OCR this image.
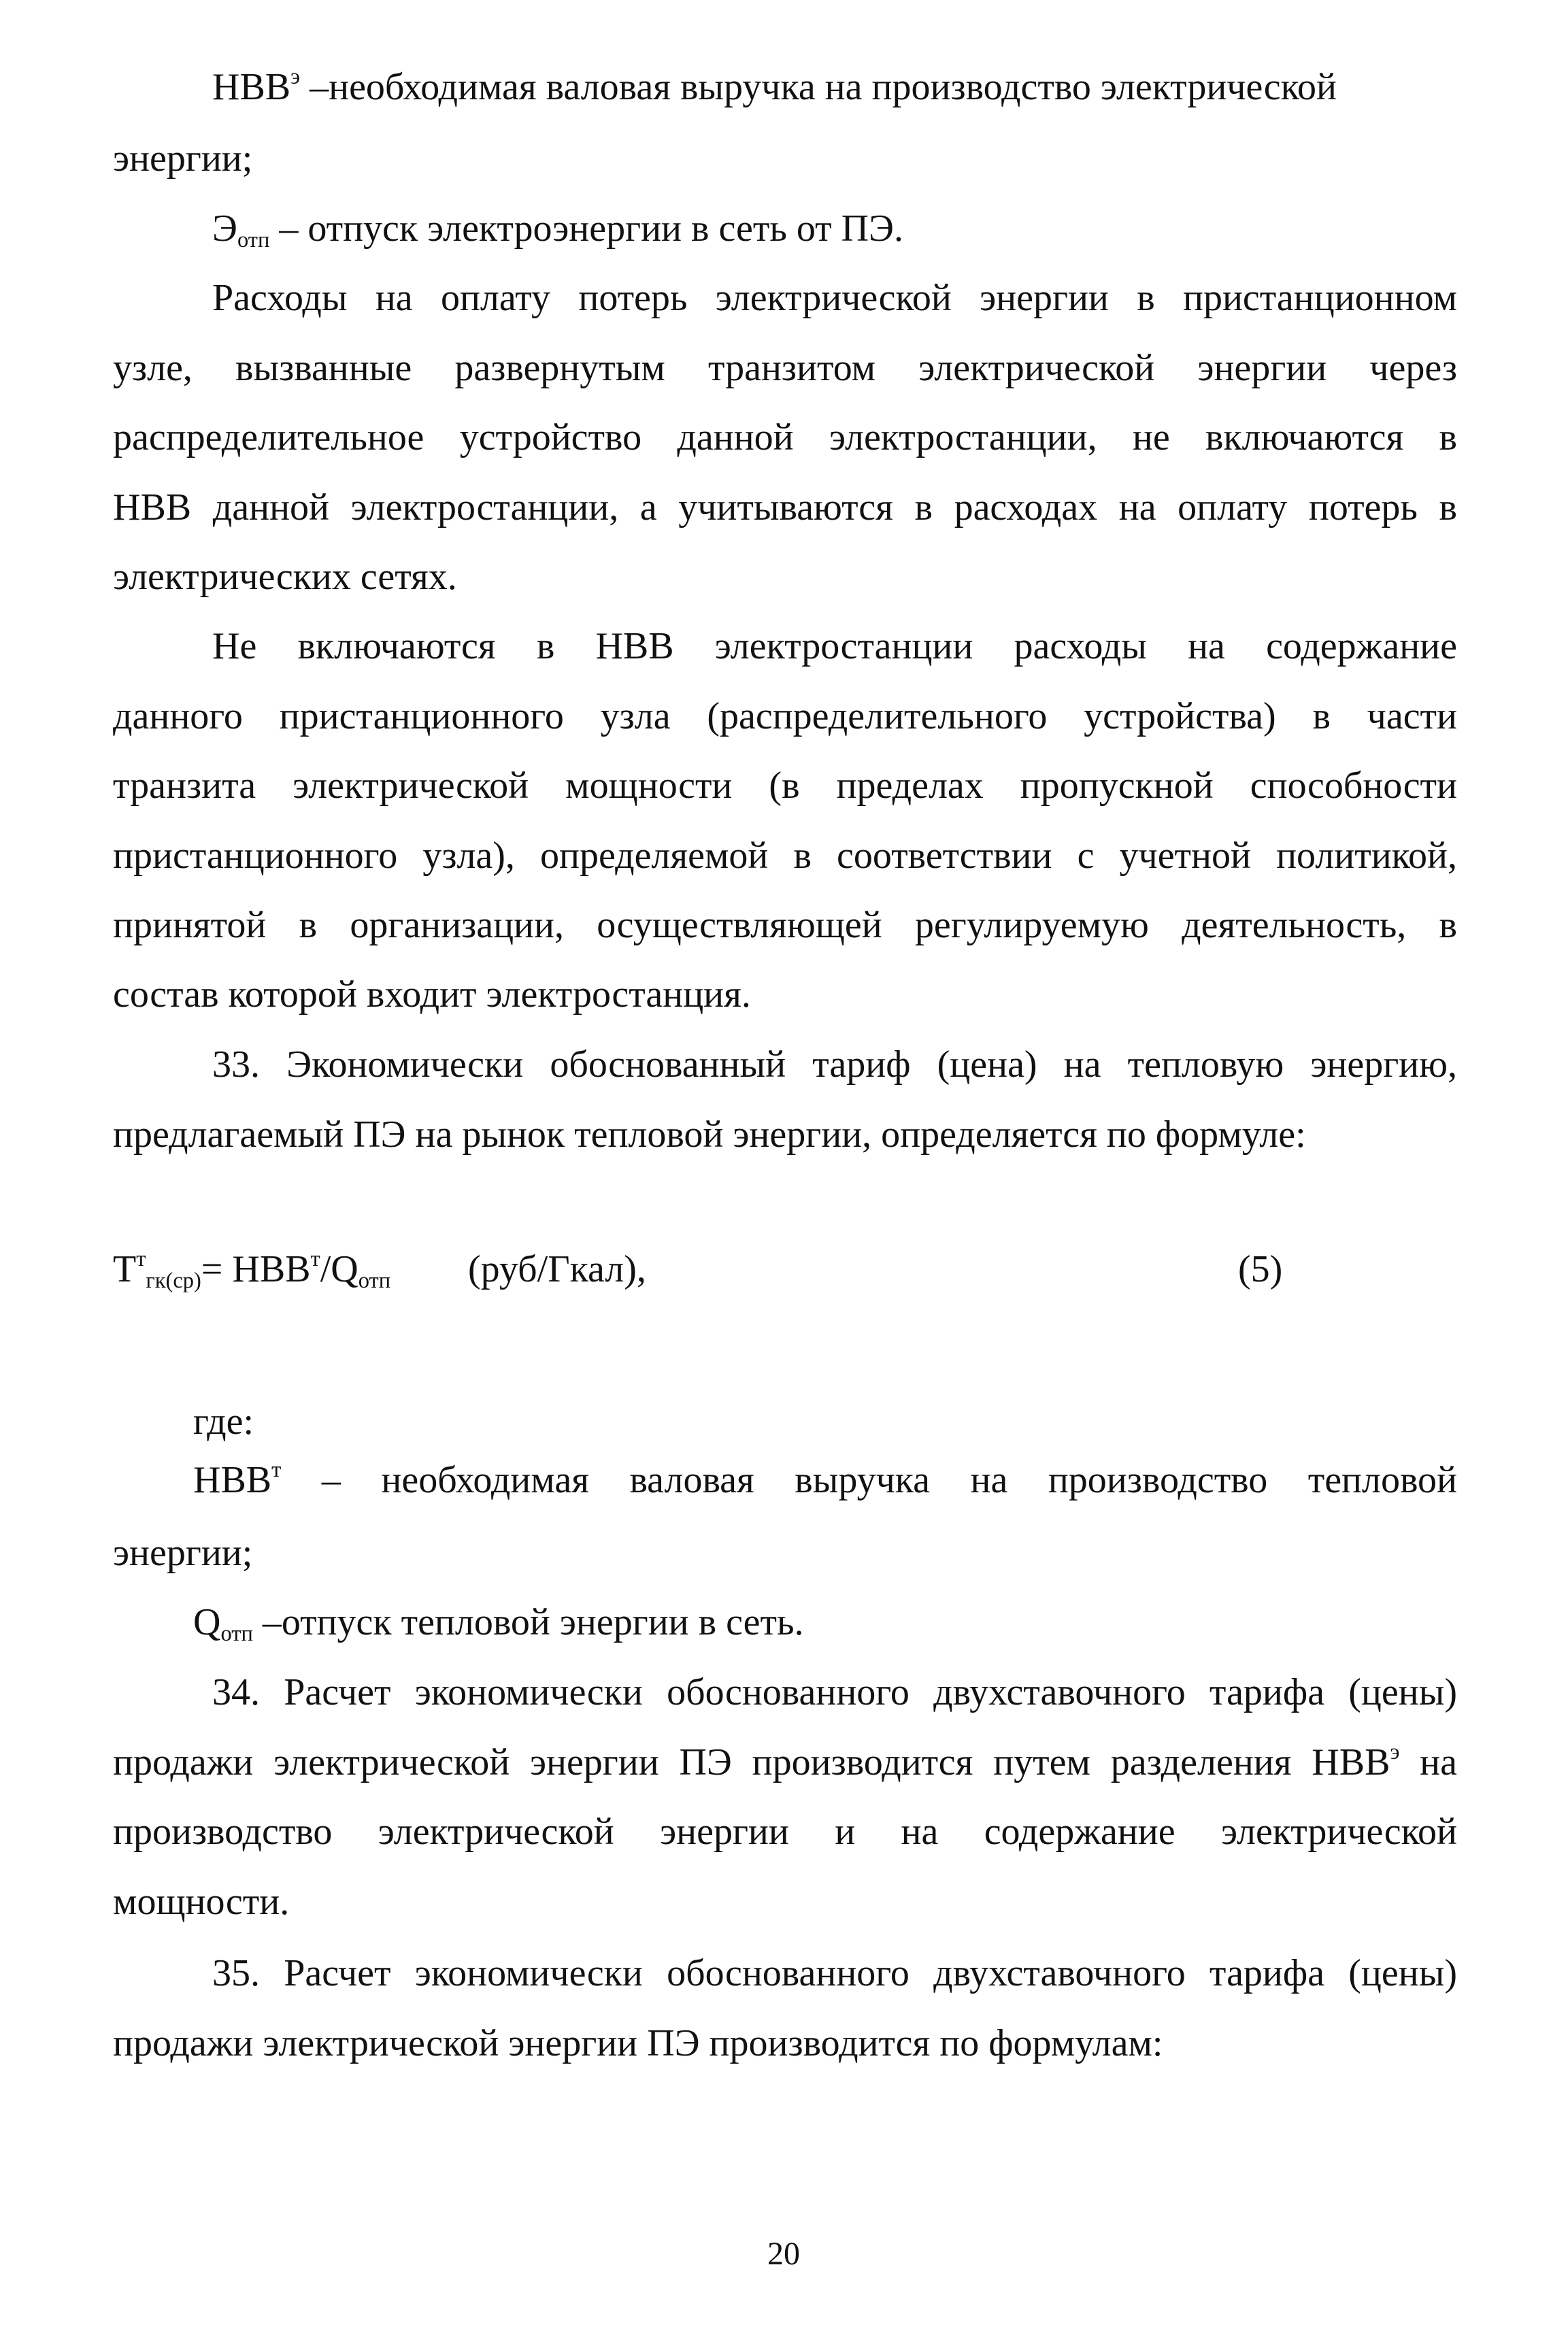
$НВВ^э$ –необходимая валовая выручка на производство электрической

энергии;

$Э_{отп}$ – отпуск электроэнергии в сеть от ПЭ.

Расходы на оплату потерь электрической энергии в пристанционном

узле, вызванные развернутым транзитом электрической энергии через

распределительное устройство данной электростанции, не включаются в

НВВ данной электростанции, а учитываются в расходах на оплату потерь в

электрических сетях.

Не включаются в НВВ электростанции расходы на содержание

данного пристанционного узла (распределительного устройства) в части

транзита электрической мощности (в пределах пропускной способности

пристанционного узла), определяемой в соответствии с учетной политикой,

принятой в организации, осуществляющей регулируемую деятельность, в

состав которой входит электростанция.

33. Экономически обоснованный тариф (цена) на тепловую энергию,

предлагаемый ПЭ на рынок тепловой энергии, определяется по формуле:

$Т^т_{гк(ср)}= НВВ^т/Q_{отп}$ (руб/Гкал),	(5)

где:

$НВВ^т$ – необходимая валовая выручка на производство тепловой

энергии;

$Q_{отп}$ –отпуск тепловой энергии в сеть.

34. Расчет экономически обоснованного двухставочного тарифа (цены)

продажи электрической энергии ПЭ производится путем разделения $НВВ^э$ на

производство электрической энергии и на содержание электрической

мощности.

35. Расчет экономически обоснованного двухставочного тарифа (цены)

продажи электрической энергии ПЭ производится по формулам:

20
